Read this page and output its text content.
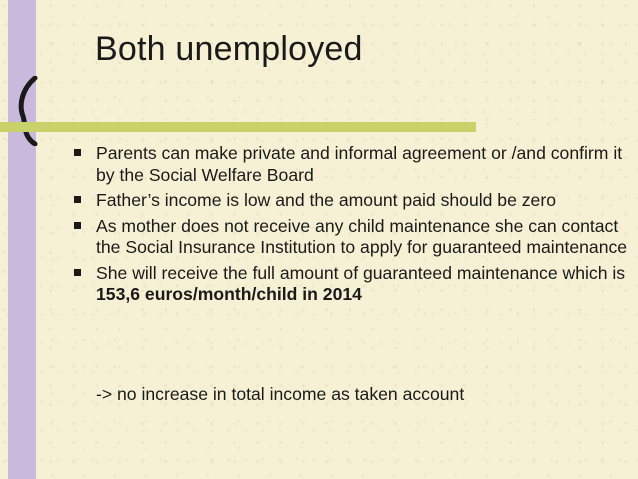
Both unemployed
Parents can make private and informal agreement or /and confirm it by the Social Welfare Board
Father’s income is low and the amount paid should be zero
As mother does not receive any child maintenance she can contact the Social Insurance Institution to apply for guaranteed maintenance
She will receive the full amount of guaranteed maintenance which is 153,6 euros/month/child in 2014
-> no increase in total income as taken account
